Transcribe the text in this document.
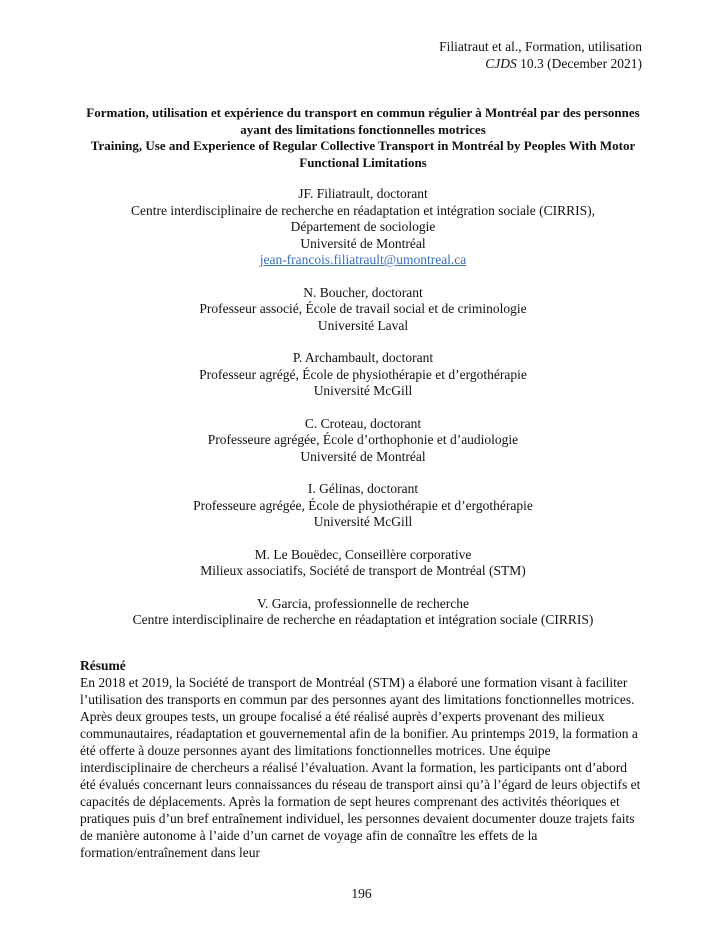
Filiatraut et al., Formation, utilisation
CJDS 10.3 (December 2021)
Formation, utilisation et expérience du transport en commun régulier à Montréal par des personnes ayant des limitations fonctionnelles motrices
Training, Use and Experience of Regular Collective Transport in Montréal by Peoples With Motor Functional Limitations
JF. Filiatrault, doctorant
Centre interdisciplinaire de recherche en réadaptation et intégration sociale (CIRRIS),
Département de sociologie
Université de Montréal
jean-francois.filiatrault@umontreal.ca
N. Boucher, doctorant
Professeur associé, École de travail social et de criminologie
Université Laval
P. Archambault, doctorant
Professeur agrégé, École de physiothérapie et d’ergothérapie
Université McGill
C. Croteau, doctorant
Professeure agrégée, École d’orthophonie et d’audiologie
Université de Montréal
I. Gélinas, doctorant
Professeure agrégée, École de physiothérapie et d’ergothérapie
Université McGill
M. Le Bouëdec, Conseillère corporative
Milieux associatifs, Société de transport de Montréal (STM)
V. Garcia, professionnelle de recherche
Centre interdisciplinaire de recherche en réadaptation et intégration sociale (CIRRIS)
Résumé

En 2018 et 2019, la Société de transport de Montréal (STM) a élaboré une formation visant à faciliter l’utilisation des transports en commun par des personnes ayant des limitations fonctionnelles motrices. Après deux groupes tests, un groupe focalisé a été réalisé auprès d’experts provenant des milieux communautaires, réadaptation et gouvernemental afin de la bonifier. Au printemps 2019, la formation a été offerte à douze personnes ayant des limitations fonctionnelles motrices. Une équipe interdisciplinaire de chercheurs a réalisé l’évaluation. Avant la formation, les participants ont d’abord été évalués concernant leurs connaissances du réseau de transport ainsi qu’à l’égard de leurs objectifs et capacités de déplacements. Après la formation de sept heures comprenant des activités théoriques et pratiques puis d’un bref entraînement individuel, les personnes devaient documenter douze trajets faits de manière autonome à l’aide d’un carnet de voyage afin de connaître les effets de la formation/entraînement dans leur

196
